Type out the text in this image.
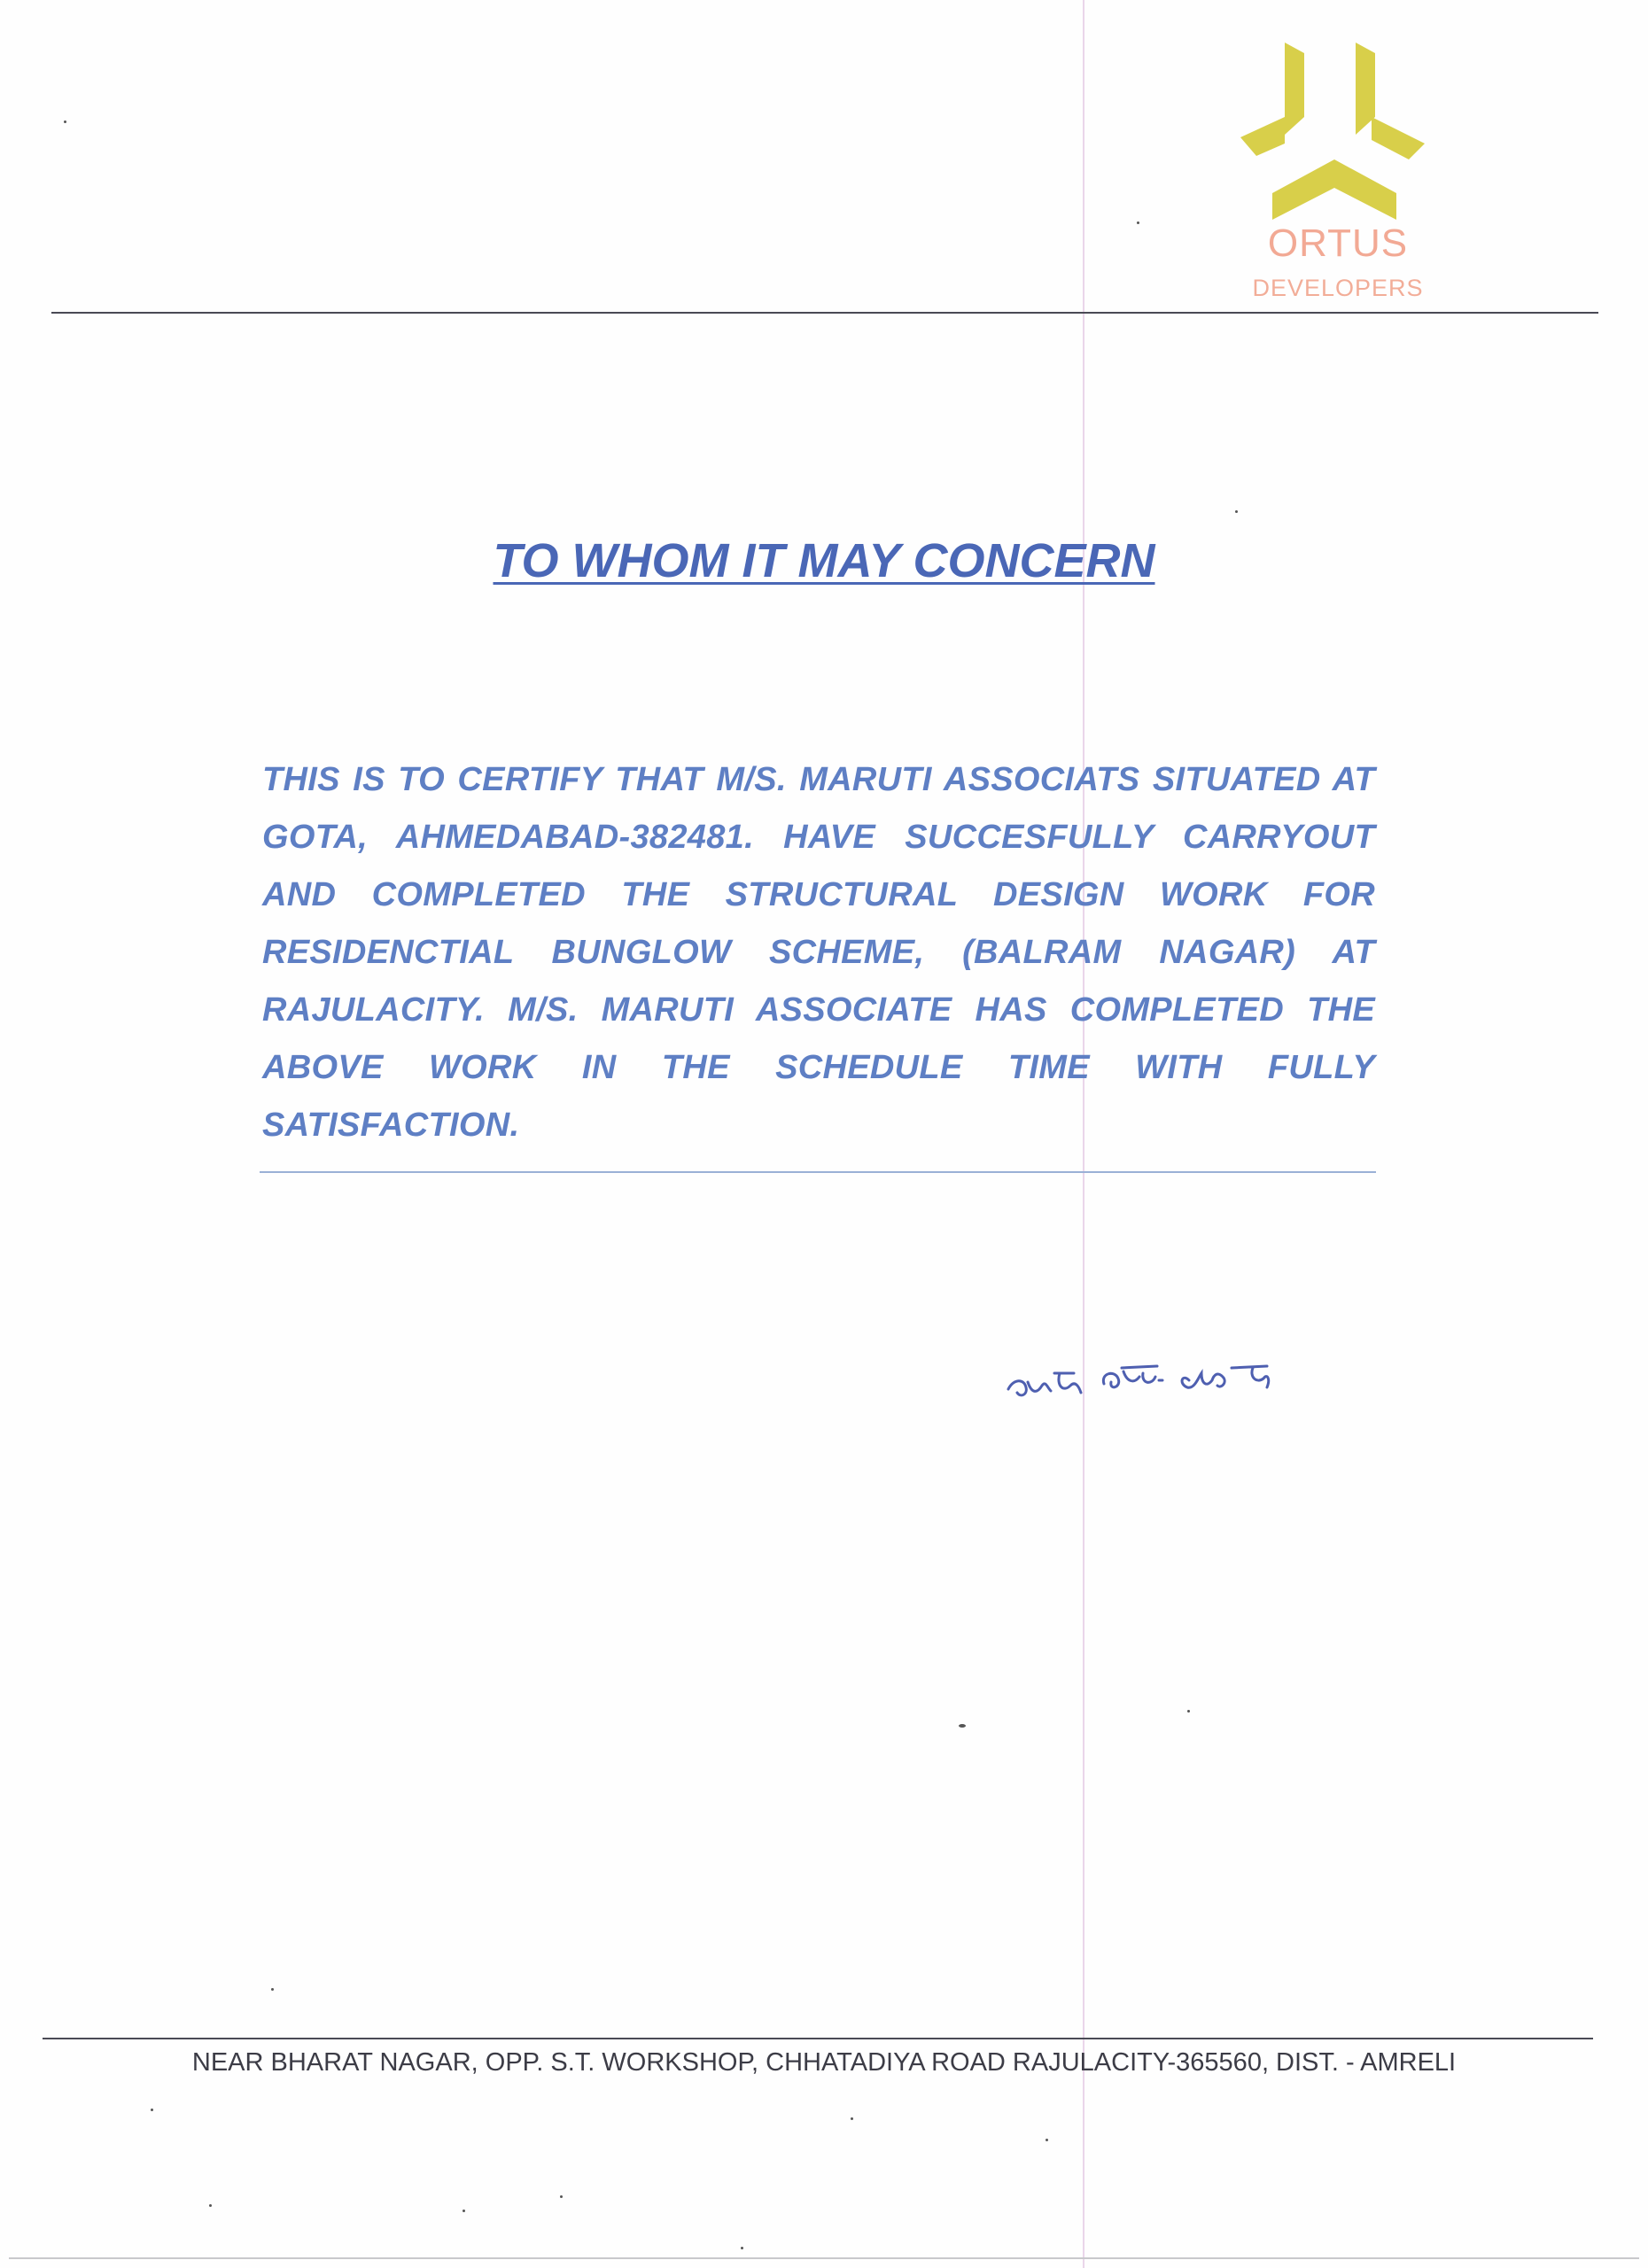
ORTUS
DEVELOPERS
TO WHOM IT MAY CONCERN

THIS IS TO CERTIFY THAT M/S. MARUTI ASSOCIATS SITUATED AT GOTA, AHMEDABAD-382481. HAVE SUCCESFULLY CARRYOUT AND COMPLETED THE STRUCTURAL DESIGN WORK FOR RESIDENCTIAL BUNGLOW SCHEME, (BALRAM NAGAR) AT RAJULACITY. M/S. MARUTI ASSOCIATE HAS COMPLETED THE ABOVE WORK IN THE SCHEDULE TIME WITH FULLY SATISFACTION.

NEAR BHARAT NAGAR, OPP. S.T. WORKSHOP, CHHATADIYA ROAD RAJULACITY-365560, DIST. - AMRELI
